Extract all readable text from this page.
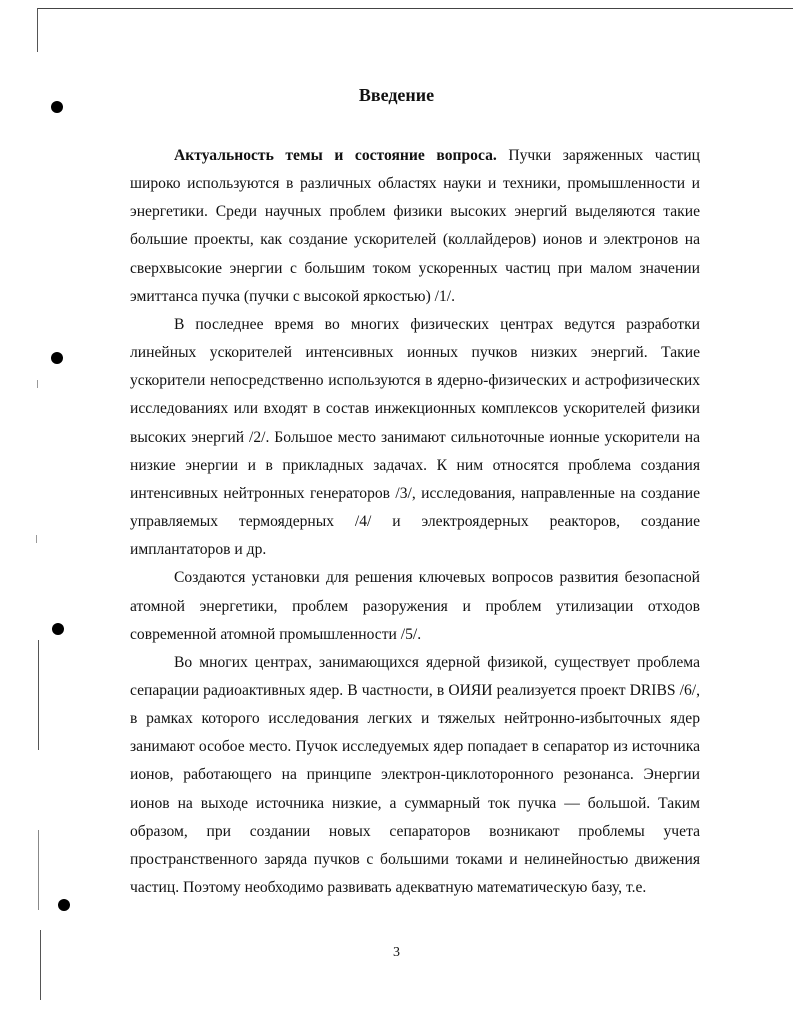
Введение

Актуальность темы и состояние вопроса. Пучки заряженных частиц широко используются в различных областях науки и техники, промышленности и энергетики. Среди научных проблем физики высоких энергий выделяются такие большие проекты, как создание ускорителей (коллайдеров) ионов и электронов на сверхвысокие энергии с большим током ускоренных частиц при малом значении эмиттанса пучка (пучки с высокой яркостью) /1/.

В последнее время во многих физических центрах ведутся разработки линейных ускорителей интенсивных ионных пучков низких энергий. Такие ускорители непосредственно используются в ядерно-физических и астрофизических исследованиях или входят в состав инжекционных комплексов ускорителей физики высоких энергий /2/. Большое место занимают сильноточные ионные ускорители на низкие энергии и в прикладных задачах. К ним относятся проблема создания интенсивных нейтронных генераторов /3/, исследования, направленные на создание управляемых термоядерных /4/ и электроядерных реакторов, создание имплантаторов и др.

Создаются установки для решения ключевых вопросов развития безопасной атомной энергетики, проблем разоружения и проблем утилизации отходов современной атомной промышленности /5/.

Во многих центрах, занимающихся ядерной физикой, существует проблема сепарации радиоактивных ядер. В частности, в ОИЯИ реализуется проект DRIBS /6/, в рамках которого исследования легких и тяжелых нейтронно-избыточных ядер занимают особое место. Пучок исследуемых ядер попадает в сепаратор из источника ионов, работающего на принципе электрон-циклоторонного резонанса. Энергии ионов на выходе источника низкие, а суммарный ток пучка — большой. Таким образом, при создании новых сепараторов возникают проблемы учета пространственного заряда пучков с большими токами и нелинейностью движения частиц. Поэтому необходимо развивать адекватную математическую базу, т.е.

3
